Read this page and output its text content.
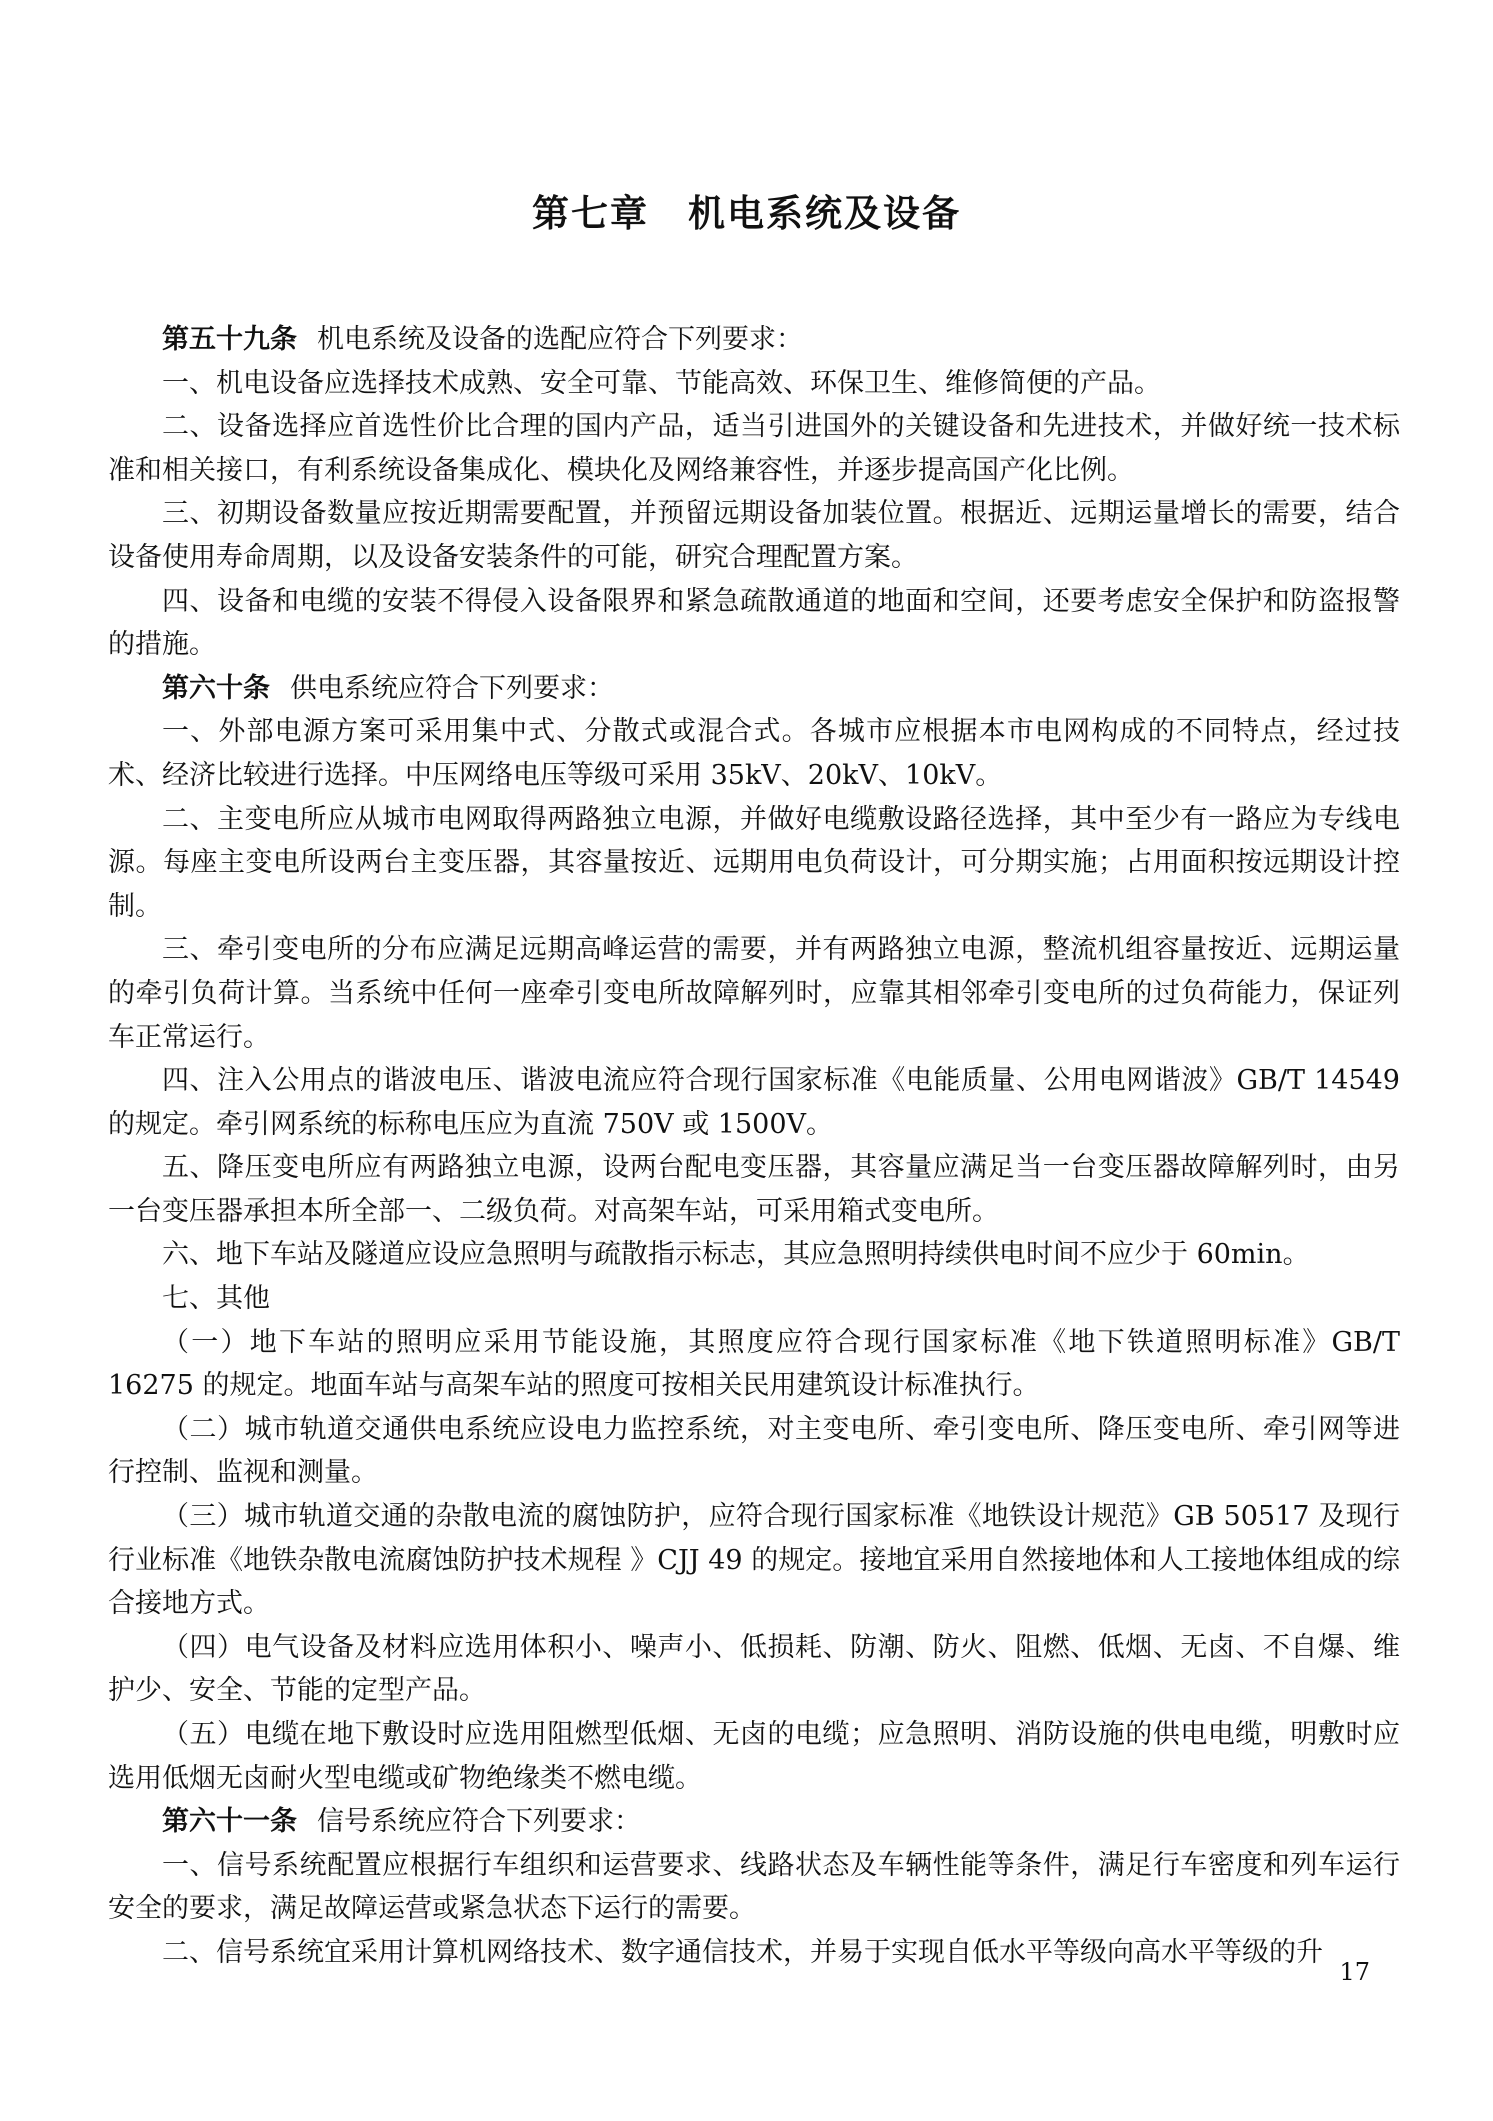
第七章　机电系统及设备

第五十九条 机电系统及设备的选配应符合下列要求：

一、机电设备应选择技术成熟、安全可靠、节能高效、环保卫生、维修简便的产品。

二、设备选择应首选性价比合理的国内产品，适当引进国外的关键设备和先进技术，并做好统一技术标准和相关接口，有利系统设备集成化、模块化及网络兼容性，并逐步提高国产化比例。

三、初期设备数量应按近期需要配置，并预留远期设备加装位置。根据近、远期运量增长的需要，结合设备使用寿命周期，以及设备安装条件的可能，研究合理配置方案。

四、设备和电缆的安装不得侵入设备限界和紧急疏散通道的地面和空间，还要考虑安全保护和防盗报警的措施。

第六十条 供电系统应符合下列要求：

一、外部电源方案可采用集中式、分散式或混合式。各城市应根据本市电网构成的不同特点，经过技术、经济比较进行选择。中压网络电压等级可采用 35kV、20kV、10kV。

二、主变电所应从城市电网取得两路独立电源，并做好电缆敷设路径选择，其中至少有一路应为专线电源。每座主变电所设两台主变压器，其容量按近、远期用电负荷设计，可分期实施；占用面积按远期设计控制。

三、牵引变电所的分布应满足远期高峰运营的需要，并有两路独立电源，整流机组容量按近、远期运量的牵引负荷计算。当系统中任何一座牵引变电所故障解列时，应靠其相邻牵引变电所的过负荷能力，保证列车正常运行。

四、注入公用点的谐波电压、谐波电流应符合现行国家标准《电能质量、公用电网谐波》GB/T 14549 的规定。牵引网系统的标称电压应为直流 750V 或 1500V。

五、降压变电所应有两路独立电源，设两台配电变压器，其容量应满足当一台变压器故障解列时，由另一台变压器承担本所全部一、二级负荷。对高架车站，可采用箱式变电所。

六、地下车站及隧道应设应急照明与疏散指示标志，其应急照明持续供电时间不应少于 60min。

七、其他

（一）地下车站的照明应采用节能设施，其照度应符合现行国家标准《地下铁道照明标准》GB/T 16275 的规定。地面车站与高架车站的照度可按相关民用建筑设计标准执行。

（二）城市轨道交通供电系统应设电力监控系统，对主变电所、牵引变电所、降压变电所、牵引网等进行控制、监视和测量。

（三）城市轨道交通的杂散电流的腐蚀防护，应符合现行国家标准《地铁设计规范》GB 50517 及现行行业标准《地铁杂散电流腐蚀防护技术规程 》CJJ 49 的规定。接地宜采用自然接地体和人工接地体组成的综合接地方式。

（四）电气设备及材料应选用体积小、噪声小、低损耗、防潮、防火、阻燃、低烟、无卤、不自爆、维护少、安全、节能的定型产品。

（五）电缆在地下敷设时应选用阻燃型低烟、无卤的电缆；应急照明、消防设施的供电电缆，明敷时应选用低烟无卤耐火型电缆或矿物绝缘类不燃电缆。

第六十一条 信号系统应符合下列要求：

一、信号系统配置应根据行车组织和运营要求、线路状态及车辆性能等条件，满足行车密度和列车运行安全的要求，满足故障运营或紧急状态下运行的需要。

二、信号系统宜采用计算机网络技术、数字通信技术，并易于实现自低水平等级向高水平等级的升

17
